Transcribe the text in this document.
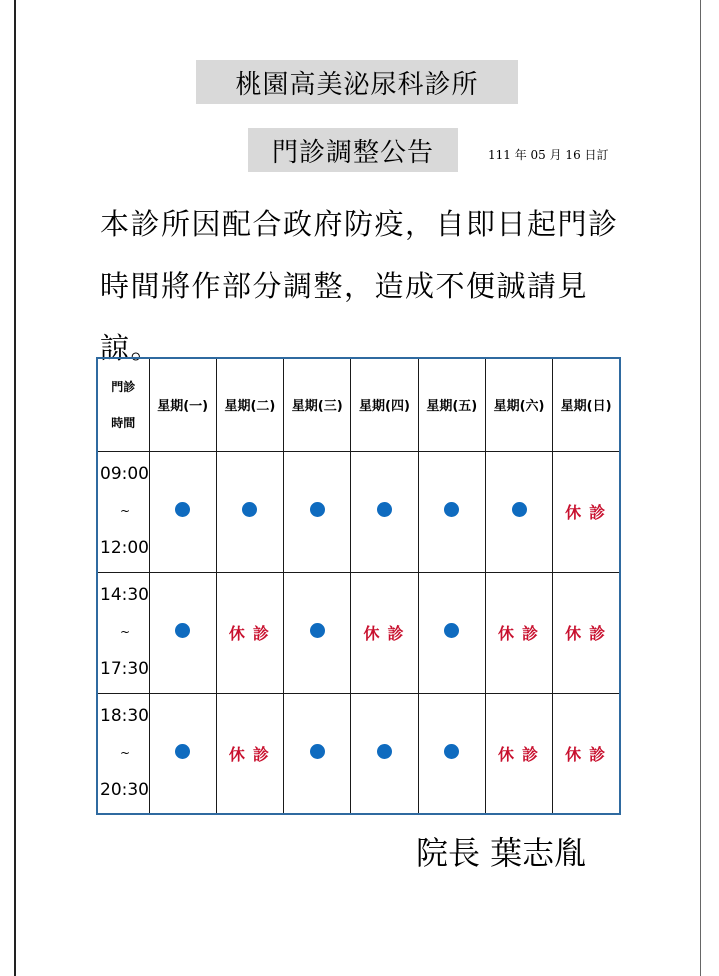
桃園高美泌尿科診所
門診調整公告	111 年 05 月 16 日訂
本診所因配合政府防疫，自即日起門診時間將作部分調整，造成不便誠請見諒。
門診
時間	星期(一)	星期(二)	星期(三)	星期(四)	星期(五)	星期(六)	星期(日)

09:00
~
12:00							休診

14:30
~
17:30		休診		休診		休診	休診

18:30
~
20:30		休診				休診	休診
院長 葉志胤
